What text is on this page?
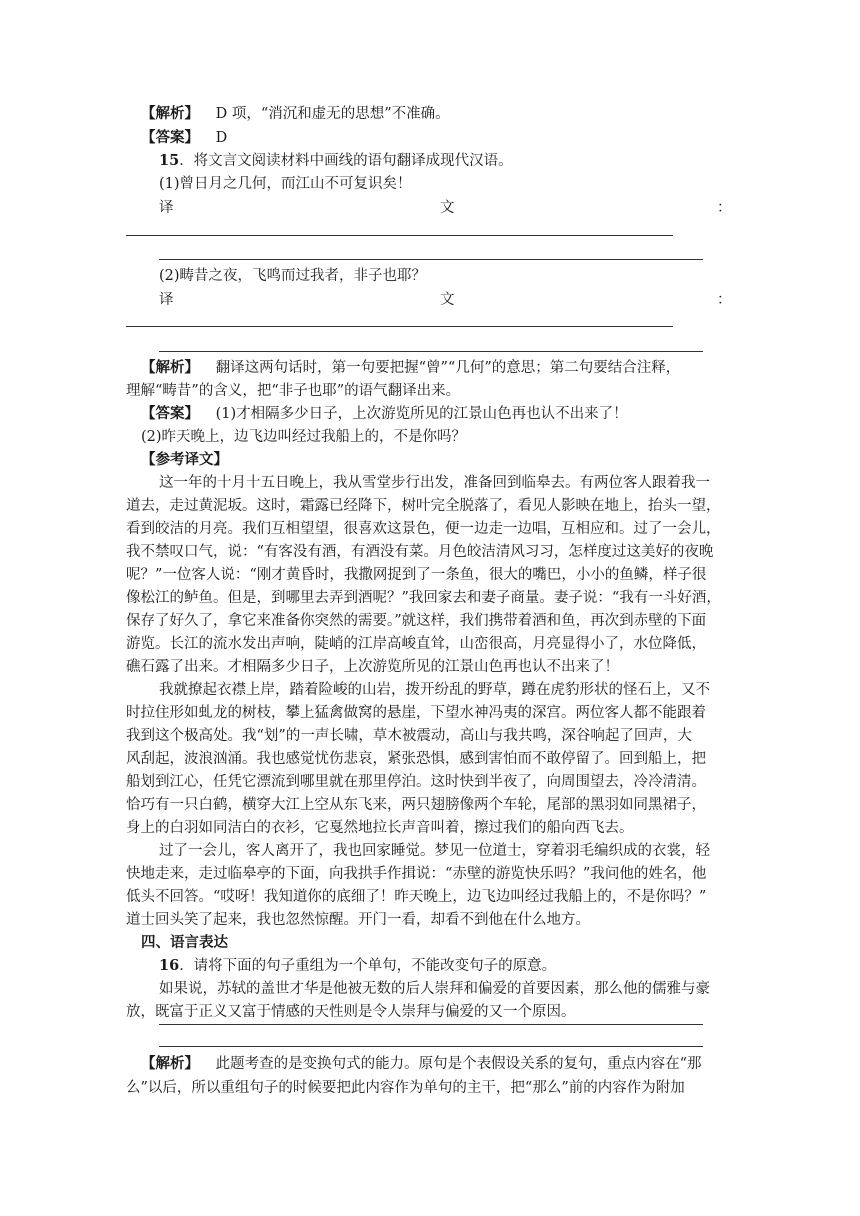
【解析】 D 项，“消沉和虚无的思想”不准确。
【答案】 D
15．将文言文阅读材料中画线的语句翻译成现代汉语。
(1)曾日月之几何，而江山不可复识矣！
译	文	：
(2)畴昔之夜，飞鸣而过我者，非子也耶？
译	文	：
【解析】 翻译这两句话时，第一句要把握“曾”“几何”的意思；第二句要结合注释，
理解“畴昔”的含义，把“非子也耶”的语气翻译出来。
【答案】 (1)才相隔多少日子，上次游览所见的江景山色再也认不出来了！
(2)昨天晚上，边飞边叫经过我船上的，不是你吗？
【参考译文】
这一年的十月十五日晚上，我从雪堂步行出发，准备回到临皋去。有两位客人跟着我一
道去，走过黄泥坂。这时，霜露已经降下，树叶完全脱落了，看见人影映在地上，抬头一望，
看到皎洁的月亮。我们互相望望，很喜欢这景色，便一边走一边唱，互相应和。过了一会儿，
我不禁叹口气，说：“有客没有酒，有酒没有菜。月色皎洁清风习习，怎样度过这美好的夜晚
呢？”一位客人说：“刚才黄昏时，我撒网捉到了一条鱼，很大的嘴巴，小小的鱼鳞，样子很
像松江的鲈鱼。但是，到哪里去弄到酒呢？”我回家去和妻子商量。妻子说：“我有一斗好酒，
保存了好久了，拿它来准备你突然的需要。”就这样，我们携带着酒和鱼，再次到赤壁的下面
游览。长江的流水发出声响，陡峭的江岸高峻直耸，山峦很高，月亮显得小了，水位降低，
礁石露了出来。才相隔多少日子，上次游览所见的江景山色再也认不出来了！
我就撩起衣襟上岸，踏着险峻的山岩，拨开纷乱的野草，蹲在虎豹形状的怪石上，又不
时拉住形如虬龙的树枝，攀上猛禽做窝的悬崖，下望水神冯夷的深宫。两位客人都不能跟着
我到这个极高处。我“划”的一声长啸，草木被震动，高山与我共鸣，深谷响起了回声，大
风刮起，波浪汹涌。我也感觉忧伤悲哀，紧张恐惧，感到害怕而不敢停留了。回到船上，把
船划到江心，任凭它漂流到哪里就在那里停泊。这时快到半夜了，向周围望去，冷冷清清。
恰巧有一只白鹤，横穿大江上空从东飞来，两只翅膀像两个车轮，尾部的黑羽如同黑裙子，
身上的白羽如同洁白的衣衫，它戛然地拉长声音叫着，擦过我们的船向西飞去。
过了一会儿，客人离开了，我也回家睡觉。梦见一位道士，穿着羽毛编织成的衣裳，轻
快地走来，走过临皋亭的下面，向我拱手作揖说：“赤壁的游览快乐吗？”我问他的姓名，他
低头不回答。“哎呀！我知道你的底细了！昨天晚上，边飞边叫经过我船上的，不是你吗？”
道士回头笑了起来，我也忽然惊醒。开门一看，却看不到他在什么地方。
四、语言表达
16．请将下面的句子重组为一个单句，不能改变句子的原意。
如果说，苏轼的盖世才华是他被无数的后人崇拜和偏爱的首要因素，那么他的儒雅与豪
放，既富于正义又富于情感的天性则是令人崇拜与偏爱的又一个原因。
【解析】 此题考查的是变换句式的能力。原句是个表假设关系的复句，重点内容在“那
么”以后，所以重组句子的时候要把此内容作为单句的主干，把“那么”前的内容作为附加
